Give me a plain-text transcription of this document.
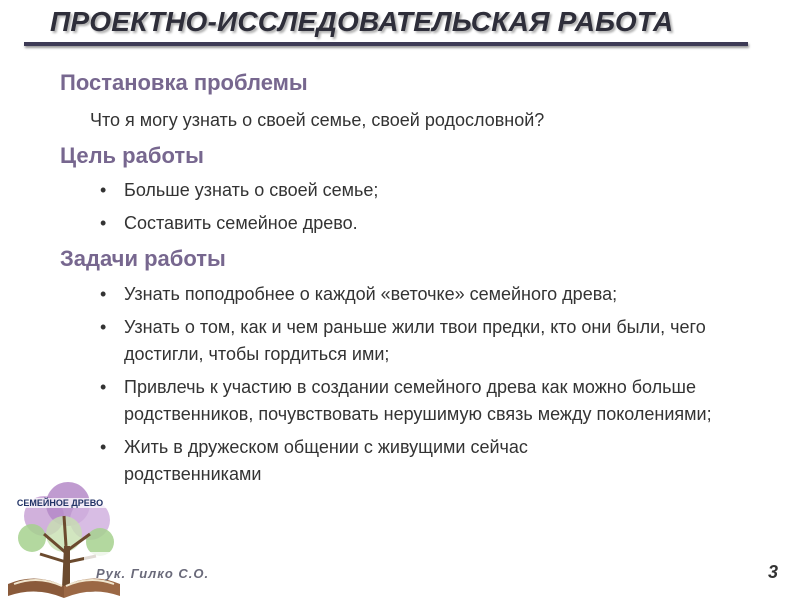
ПРОЕКТНО-ИССЛЕДОВАТЕЛЬСКАЯ РАБОТА
Постановка проблемы
Что я могу узнать о своей семье, своей родословной?
Цель работы
• Больше узнать о своей семье;
• Составить семейное древо.
Задачи работы
• Узнать поподробнее о каждой «веточке» семейного древа;
• Узнать о том, как и чем раньше жили твои предки, кто они были, чего достигли, чтобы гордиться ими;
• Привлечь к участию в создании семейного древа как можно больше родственников, почувствовать нерушимую связь между поколениями;
• Жить в дружеском общении с живущими сейчас родственниками
СЕМЕЙНОЕ ДРЕВО
Рук. Гилко С.О.	3
